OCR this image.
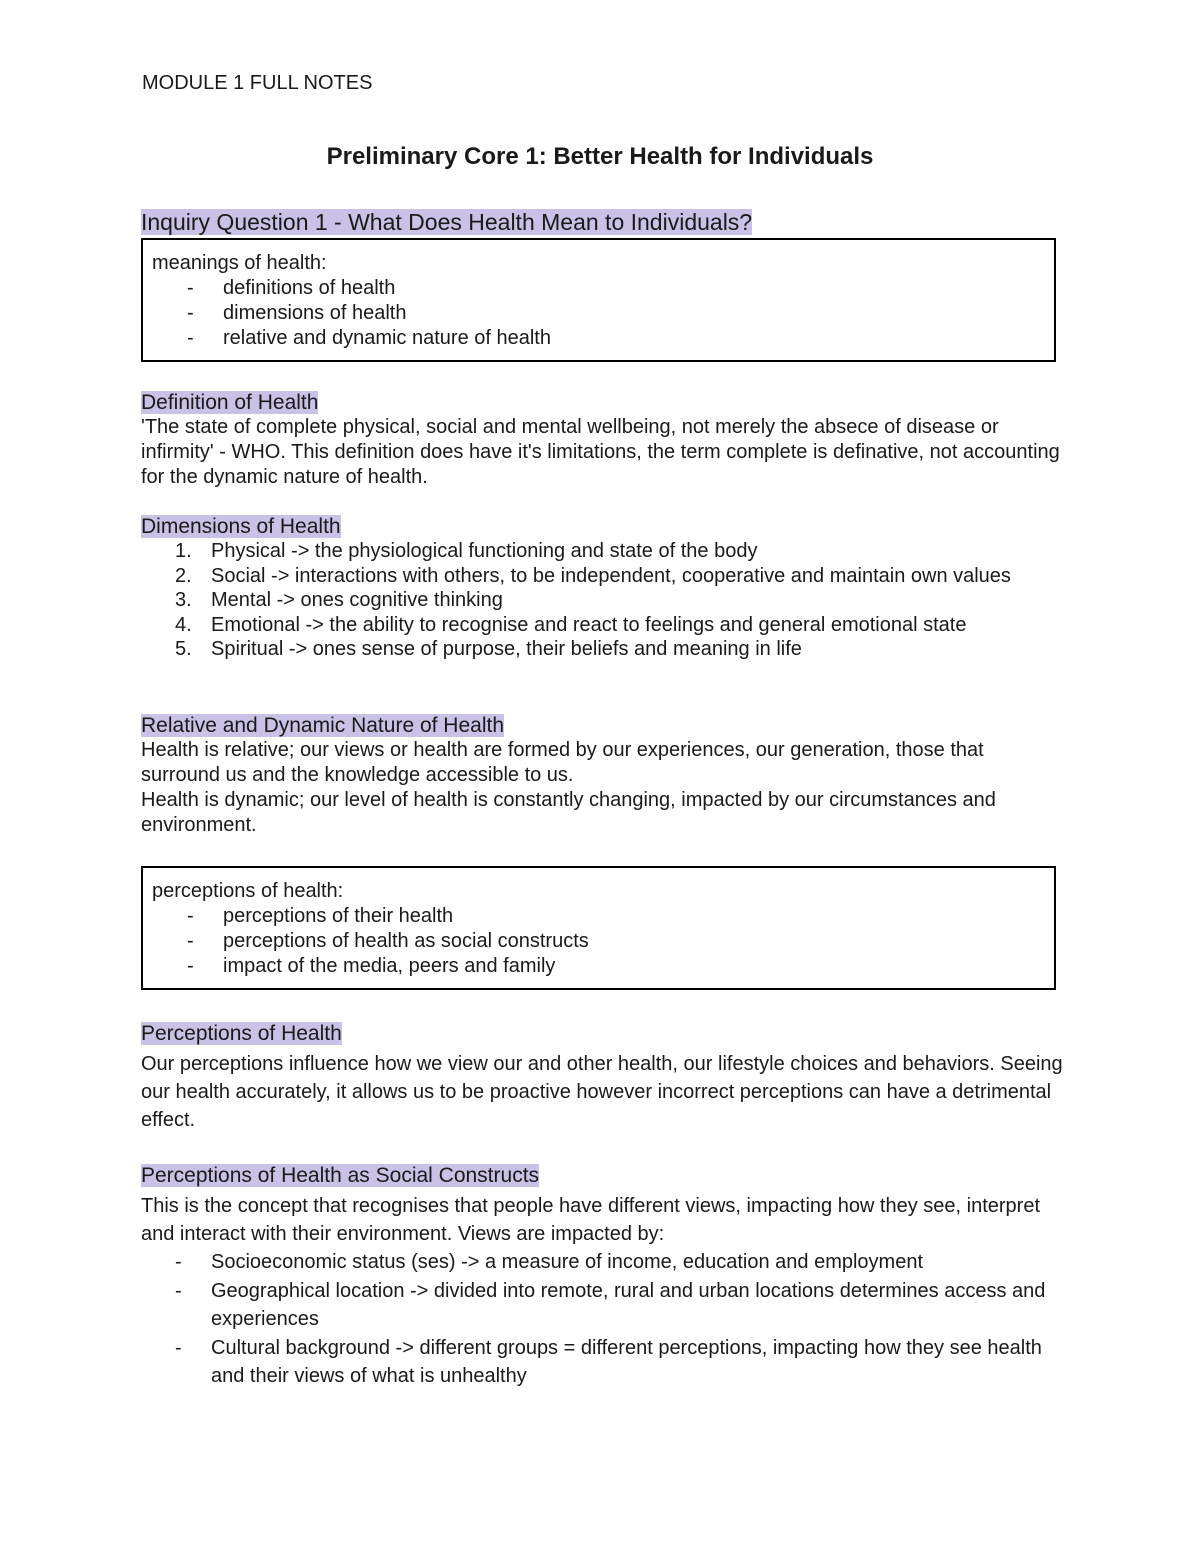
MODULE 1 FULL NOTES
Preliminary Core 1: Better Health for Individuals
Inquiry Question 1 - What Does Health Mean to Individuals?
meanings of health:
- definitions of health
- dimensions of health
- relative and dynamic nature of health
Definition of Health

'The state of complete physical, social and mental wellbeing, not merely the absece of disease or infirmity' - WHO. This definition does have it's limitations, the term complete is definative, not accounting for the dynamic nature of health.

Dimensions of Health
1. Physical -> the physiological functioning and state of the body
2. Social -> interactions with others, to be independent, cooperative and maintain own values
3. Mental -> ones cognitive thinking
4. Emotional -> the ability to recognise and react to feelings and general emotional state
5. Spiritual -> ones sense of purpose, their beliefs and meaning in life
Relative and Dynamic Nature of Health

Health is relative; our views or health are formed by our experiences, our generation, those that surround us and the knowledge accessible to us.

Health is dynamic; our level of health is constantly changing, impacted by our circumstances and environment.

perceptions of health:
- perceptions of their health
- perceptions of health as social constructs
- impact of the media, peers and family
Perceptions of Health

Our perceptions influence how we view our and other health, our lifestyle choices and behaviors. Seeing our health accurately, it allows us to be proactive however incorrect perceptions can have a detrimental effect.

Perceptions of Health as Social Constructs

This is the concept that recognises that people have different views, impacting how they see, interpret and interact with their environment. Views are impacted by:

- Socioeconomic status (ses) -> a measure of income, education and employment
- Geographical location -> divided into remote, rural and urban locations determines access and experiences
- Cultural background -> different groups = different perceptions, impacting how they see health and their views of what is unhealthy
